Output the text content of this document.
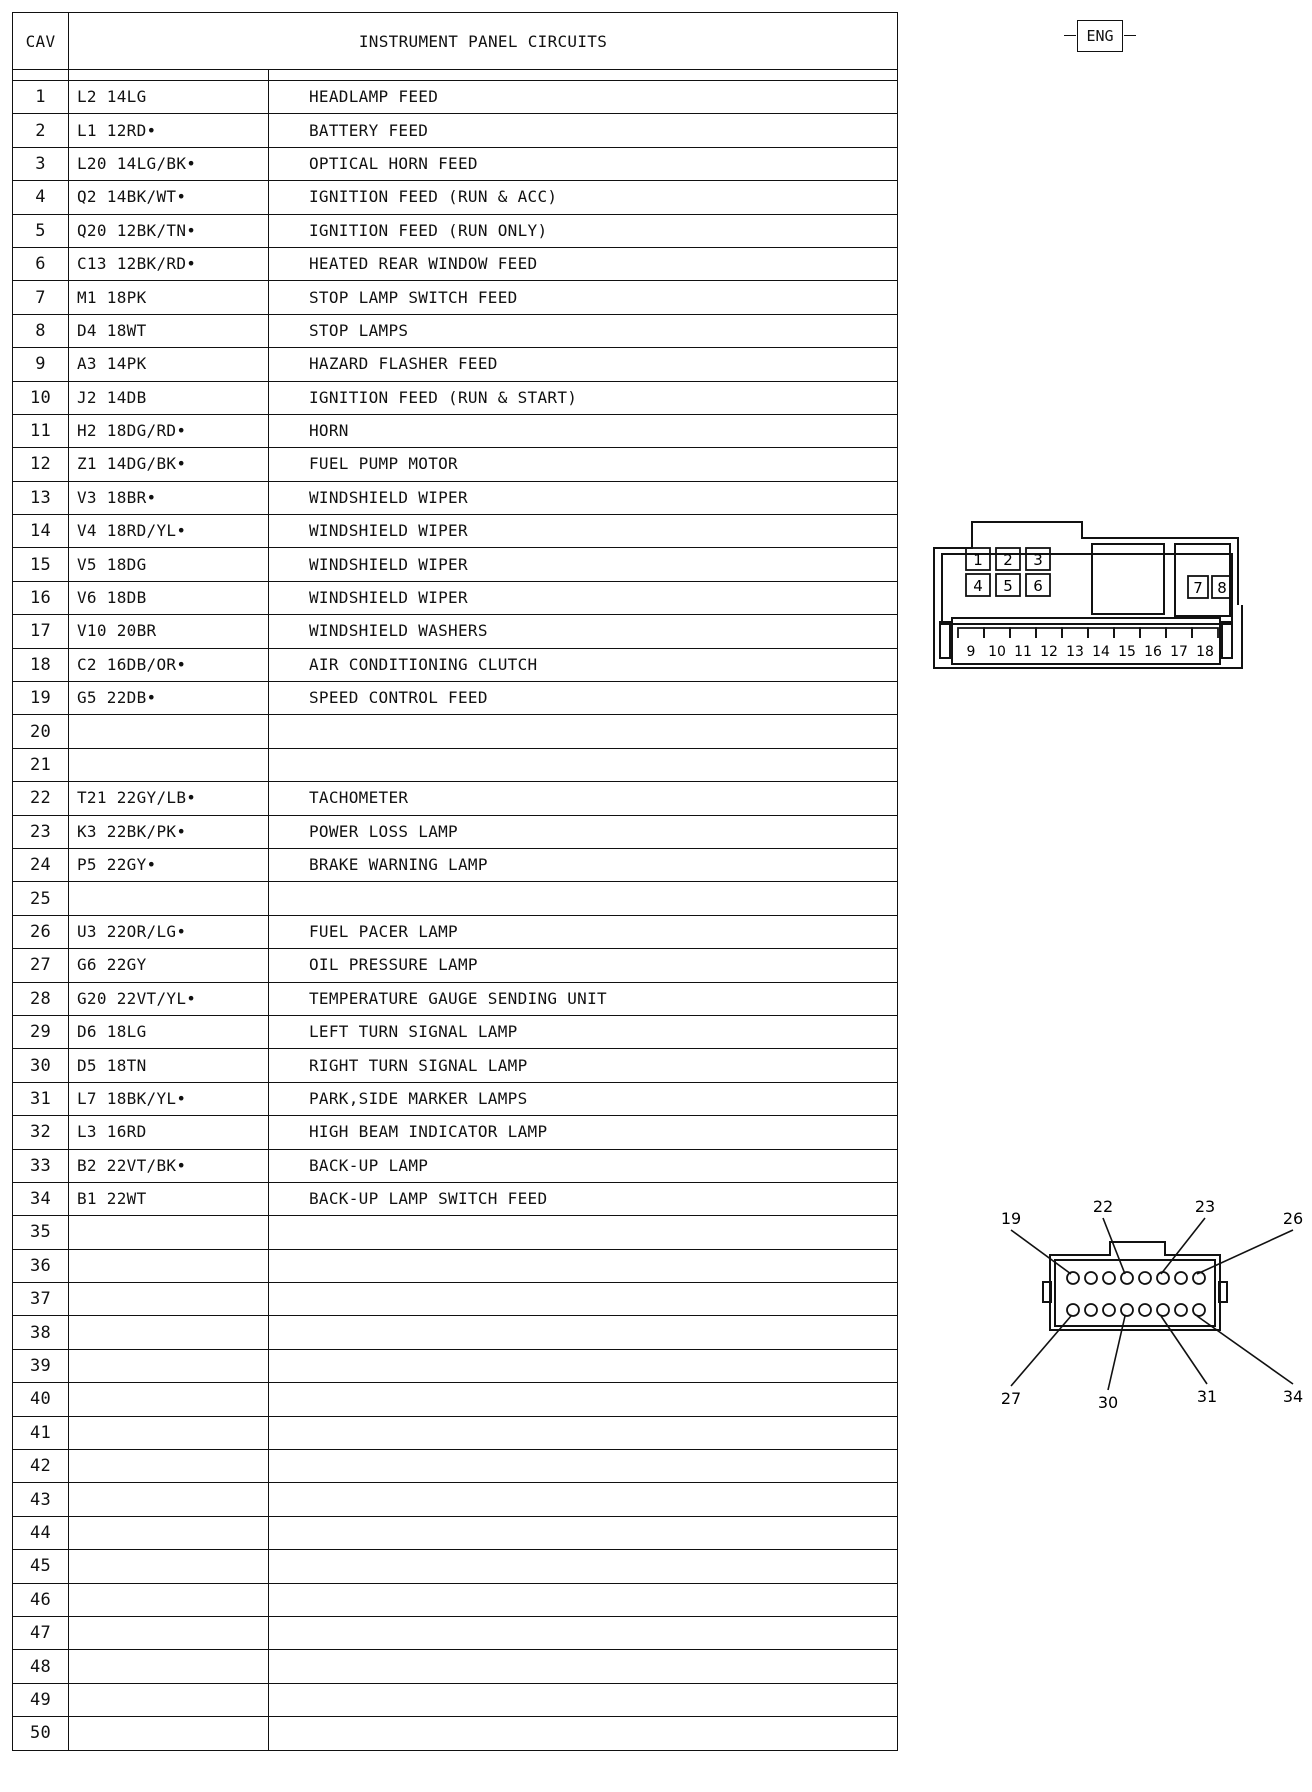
CAV	INSTRUMENT PANEL CIRCUITS	

1	L2 14LG	HEADLAMP FEED
2	L1 12RD•	BATTERY FEED
3	L20 14LG/BK•	OPTICAL HORN FEED
4	Q2 14BK/WT•	IGNITION FEED (RUN & ACC)
5	Q20 12BK/TN•	IGNITION FEED (RUN ONLY)
6	C13 12BK/RD•	HEATED REAR WINDOW FEED
7	M1 18PK	STOP LAMP SWITCH FEED
8	D4 18WT	STOP LAMPS
9	A3 14PK	HAZARD FLASHER FEED
10	J2 14DB	IGNITION FEED (RUN & START)
11	H2 18DG/RD•	HORN
12	Z1 14DG/BK•	FUEL PUMP MOTOR
13	V3 18BR•	WINDSHIELD WIPER
14	V4 18RD/YL•	WINDSHIELD WIPER
15	V5 18DG	WINDSHIELD WIPER
16	V6 18DB	WINDSHIELD WIPER
17	V10 20BR	WINDSHIELD WASHERS
18	C2 16DB/OR•	AIR CONDITIONING CLUTCH
19	G5 22DB•	SPEED CONTROL FEED
20		
21		
22	T21 22GY/LB•	TACHOMETER
23	K3 22BK/PK•	POWER LOSS LAMP
24	P5 22GY•	BRAKE WARNING LAMP
25		
26	U3 22OR/LG•	FUEL PACER LAMP
27	G6 22GY	OIL PRESSURE LAMP
28	G20 22VT/YL•	TEMPERATURE GAUGE SENDING UNIT
29	D6 18LG	LEFT TURN SIGNAL LAMP
30	D5 18TN	RIGHT TURN SIGNAL LAMP
31	L7 18BK/YL•	PARK,SIDE MARKER LAMPS
32	L3 16RD	HIGH BEAM INDICATOR LAMP
33	B2 22VT/BK•	BACK-UP LAMP
34	B1 22WT	BACK-UP LAMP SWITCH FEED
35		
36		
37		
38		
39		
40		
41		
42		
43		
44		
45		
46		
47		
48		
49		
50		
ENG
1 2 3
4 5 6	7 8
9 10 11 12 13 14 15 16 17 18
19
22	23
26
27	30	31	34
